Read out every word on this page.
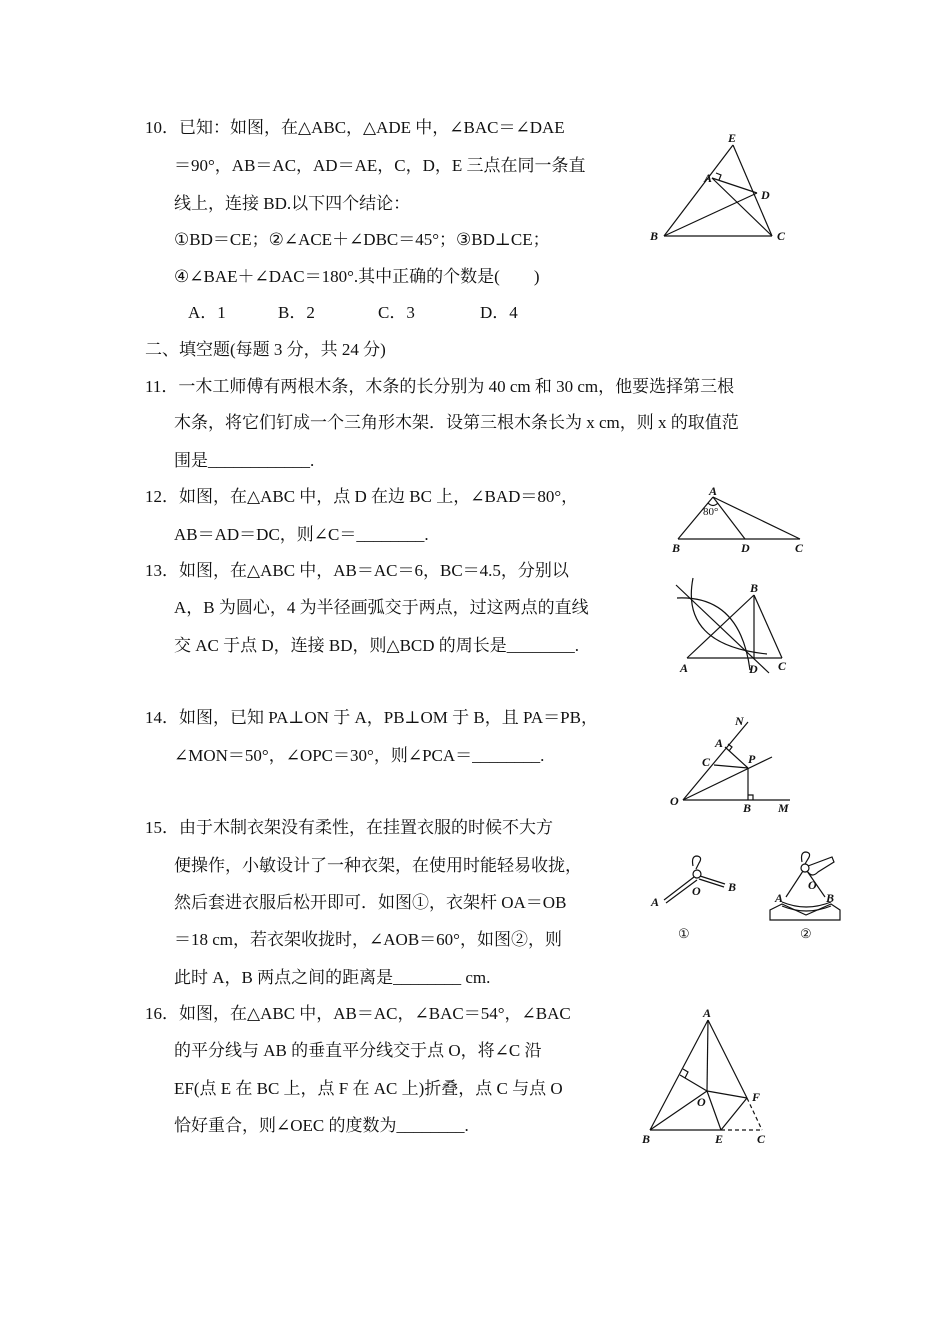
10．已知：如图，在△ABC，△ADE 中，∠BAC＝∠DAE
＝90°，AB＝AC，AD＝AE，C，D，E 三点在同一条直
线上，连接 BD.以下四个结论：
①BD＝CE；②∠ACE＋∠DBC＝45°；③BD⊥CE；
④∠BAE＋∠DAC＝180°.其中正确的个数是(　　)
A．1	B．2	C．3	D．4
二、填空题(每题 3 分，共 24 分)
11．一木工师傅有两根木条，木条的长分别为 40 cm 和 30 cm，他要选择第三根
木条，将它们钉成一个三角形木架．设第三根木条长为 x cm，则 x 的取值范
围是____________.
12．如图，在△ABC 中，点 D 在边 BC 上，∠BAD＝80°，
AB＝AD＝DC，则∠C＝________.
13．如图，在△ABC 中，AB＝AC＝6，BC＝4.5，分别以
A，B 为圆心，4 为半径画弧交于两点，过这两点的直线
交 AC 于点 D，连接 BD，则△BCD 的周长是________.
14．如图，已知 PA⊥ON 于 A，PB⊥OM 于 B，且 PA＝PB，
∠MON＝50°，∠OPC＝30°，则∠PCA＝________.
15．由于木制衣架没有柔性，在挂置衣服的时候不大方
便操作，小敏设计了一种衣架，在使用时能轻易收拢，
然后套进衣服后松开即可．如图①，衣架杆 OA＝OB
＝18 cm，若衣架收拢时，∠AOB＝60°，如图②，则
此时 A，B 两点之间的距离是________ cm.
16．如图，在△ABC 中，AB＝AC，∠BAC＝54°，∠BAC
的平分线与 AB 的垂直平分线交于点 O，将∠C 沿
EF(点 E 在 BC 上，点 F 在 AC 上)折叠，点 C 与点 O
恰好重合，则∠OEC 的度数为________.
E
A
D
B	C
A
80°
B	D	C
B
A	D C
N
A
C	P
O	B M
O
A
B
①
O
A	B
②
A
O	F
B	E	C
